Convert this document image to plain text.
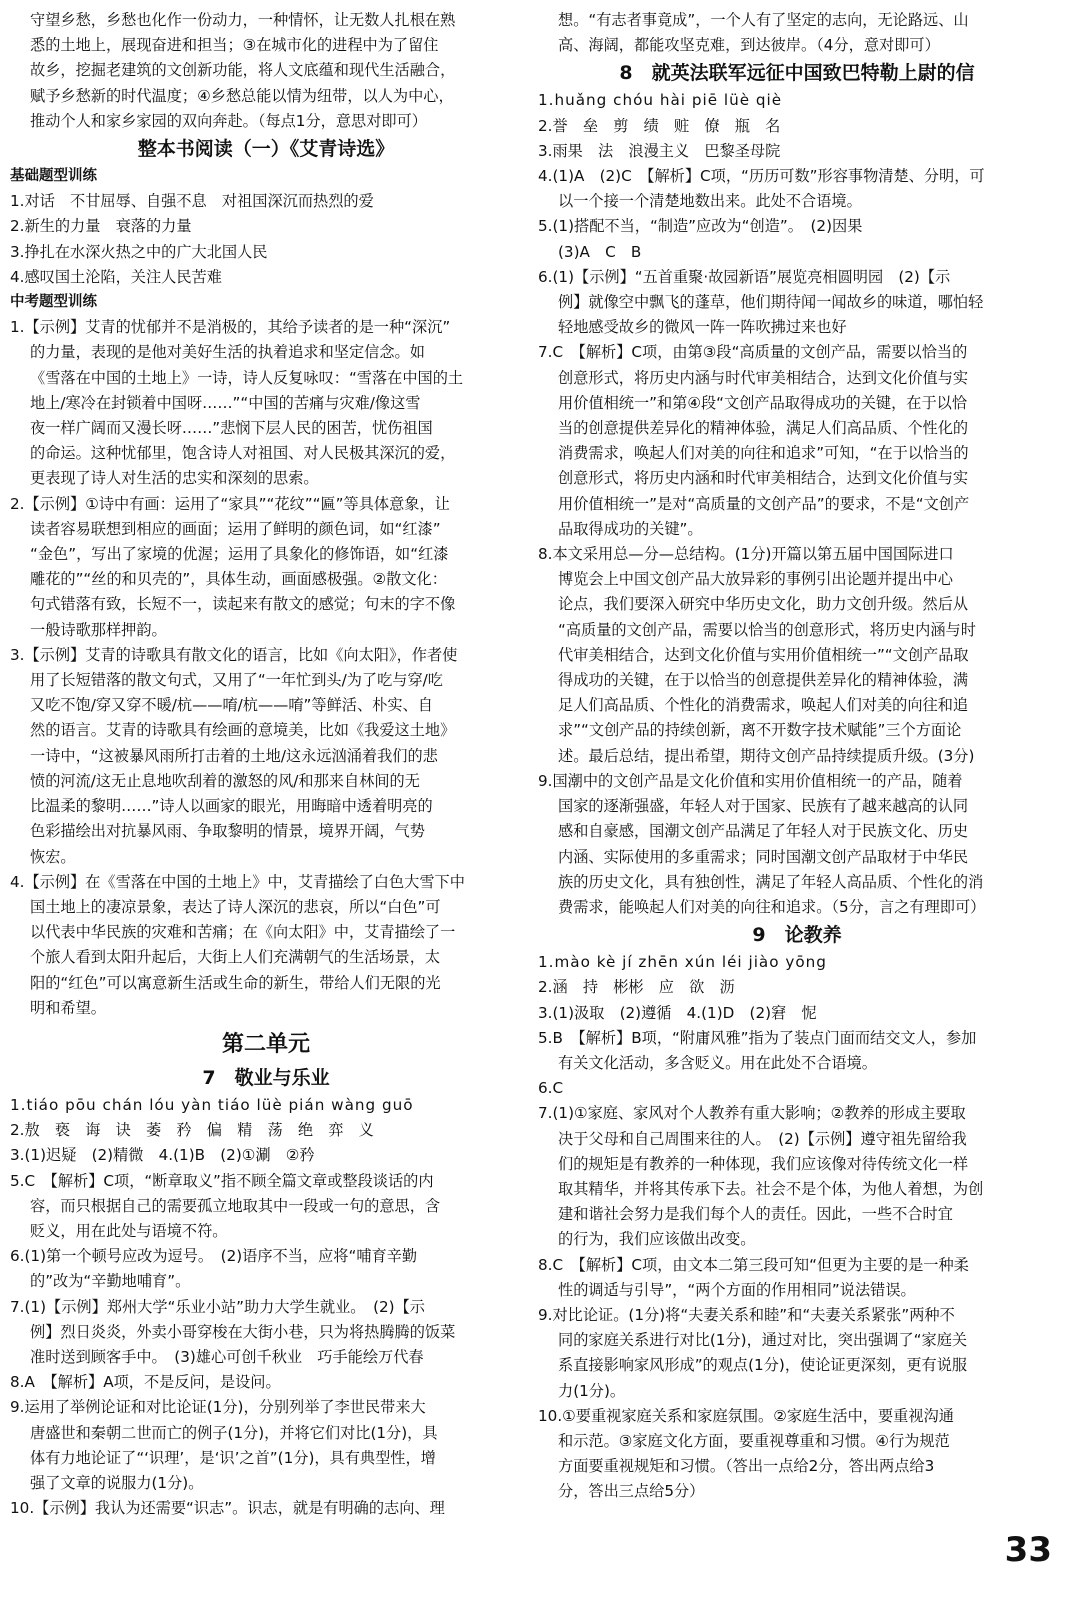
守望乡愁，乡愁也化作一份动力，一种情怀，让无数人扎根在熟
悉的土地上，展现奋进和担当；③在城市化的进程中为了留住
故乡，挖掘老建筑的文创新功能，将人文底蕴和现代生活融合，
赋予乡愁新的时代温度；④乡愁总能以情为纽带，以人为中心，
推动个人和家乡家园的双向奔赴。（每点1分，意思对即可）
整本书阅读（一）《艾青诗选》
基础题型训练
1.对话　不甘屈辱、自强不息　对祖国深沉而热烈的爱
2.新生的力量　衰落的力量
3.挣扎在水深火热之中的广大北国人民
4.感叹国土沦陷，关注人民苦难
中考题型训练
1.【示例】艾青的忧郁并不是消极的，其给予读者的是一种“深沉”
的力量，表现的是他对美好生活的执着追求和坚定信念。如
《雪落在中国的土地上》一诗，诗人反复咏叹：“雪落在中国的土
地上/寒冷在封锁着中国呀……”“中国的苦痛与灾难/像这雪
夜一样广阔而又漫长呀……”悲悯下层人民的困苦，忧伤祖国
的命运。这种忧郁里，饱含诗人对祖国、对人民极其深沉的爱，
更表现了诗人对生活的忠实和深刻的思索。
2.【示例】①诗中有画：运用了“家具”“花纹”“匾”等具体意象，让
读者容易联想到相应的画面；运用了鲜明的颜色词，如“红漆”
“金色”，写出了家境的优渥；运用了具象化的修饰语，如“红漆
雕花的”“丝的和贝壳的”，具体生动，画面感极强。②散文化：
句式错落有致，长短不一，读起来有散文的感觉；句末的字不像
一般诗歌那样押韵。
3.【示例】艾青的诗歌具有散文化的语言，比如《向太阳》，作者使
用了长短错落的散文句式，又用了“一年忙到头/为了吃与穿/吃
又吃不饱/穿又穿不暖/杭——唷/杭——唷”等鲜活、朴实、自
然的语言。艾青的诗歌具有绘画的意境美，比如《我爱这土地》
一诗中，“这被暴风雨所打击着的土地/这永远汹涌着我们的悲
愤的河流/这无止息地吹刮着的激怒的风/和那来自林间的无
比温柔的黎明……”诗人以画家的眼光，用晦暗中透着明亮的
色彩描绘出对抗暴风雨、争取黎明的情景，境界开阔，气势
恢宏。
4.【示例】在《雪落在中国的土地上》中，艾青描绘了白色大雪下中
国土地上的凄凉景象，表达了诗人深沉的悲哀，所以“白色”可
以代表中华民族的灾难和苦痛；在《向太阳》中，艾青描绘了一
个旅人看到太阳升起后，大街上人们充满朝气的生活场景，太
阳的“红色”可以寓意新生活或生命的新生，带给人们无限的光
明和希望。
第二单元
7　敬业与乐业
1.tiáo pōu chán lóu yàn tiáo lüè pián wàng guō
2.敖　亵　诲　诀　萎　矜　偏　精　荡　绝　弈　义
3.(1)迟疑　(2)精微　4.(1)B　(2)①涮　②矜
5.C　【解析】C项，“断章取义”指不顾全篇文章或整段谈话的内
容，而只根据自己的需要孤立地取其中一段或一句的意思，含
贬义，用在此处与语境不符。
6.(1)第一个顿号应改为逗号。　(2)语序不当，应将“哺育辛勤
的”改为“辛勤地哺育”。
7.(1)【示例】郑州大学“乐业小站”助力大学生就业。　(2)【示
例】烈日炎炎，外卖小哥穿梭在大街小巷，只为将热腾腾的饭菜
准时送到顾客手中。　(3)雄心可创千秋业　巧手能绘万代春
8.A　【解析】A项，不是反问，是设问。
9.运用了举例论证和对比论证(1分)，分别列举了李世民带来大
唐盛世和秦朝二世而亡的例子(1分)，并将它们对比(1分)，具
体有力地论证了“‘识理’，是‘识’之首”(1分)，具有典型性，增
强了文章的说服力(1分)。
10.【示例】我认为还需要“识志”。识志，就是有明确的志向、理
想。“有志者事竟成”，一个人有了坚定的志向，无论路远、山
高、海阔，都能攻坚克难，到达彼岸。（4分，意对即可）
8　就英法联军远征中国致巴特勒上尉的信
1.huǎng chóu hài piē lüè qiè
2.誉　垒　剪　绩　赃　僚　瓶　名
3.雨果　法　浪漫主义　巴黎圣母院
4.(1)A　(2)C　【解析】C项，“历历可数”形容事物清楚、分明，可
以一个接一个清楚地数出来。此处不合语境。
5.(1)搭配不当，“制造”应改为“创造”。　(2)因果
(3)A　C　B
6.(1)【示例】“五首重聚·故园新语”展览亮相圆明园　(2)【示
例】就像空中飘飞的蓬草，他们期待闻一闻故乡的味道，哪怕轻
轻地感受故乡的微风一阵一阵吹拂过来也好
7.C　【解析】C项，由第③段“高质量的文创产品，需要以恰当的
创意形式，将历史内涵与时代审美相结合，达到文化价值与实
用价值相统一”和第④段“文创产品取得成功的关键，在于以恰
当的创意提供差异化的精神体验，满足人们高品质、个性化的
消费需求，唤起人们对美的向往和追求”可知，“在于以恰当的
创意形式，将历史内涵和时代审美相结合，达到文化价值与实
用价值相统一”是对“高质量的文创产品”的要求，不是“文创产
品取得成功的关键”。
8.本文采用总—分—总结构。(1分)开篇以第五届中国国际进口
博览会上中国文创产品大放异彩的事例引出论题并提出中心
论点，我们要深入研究中华历史文化，助力文创升级。然后从
“高质量的文创产品，需要以恰当的创意形式，将历史内涵与时
代审美相结合，达到文化价值与实用价值相统一”“文创产品取
得成功的关键，在于以恰当的创意提供差异化的精神体验，满
足人们高品质、个性化的消费需求，唤起人们对美的向往和追
求”“文创产品的持续创新，离不开数字技术赋能”三个方面论
述。最后总结，提出希望，期待文创产品持续提质升级。(3分)
9.国潮中的文创产品是文化价值和实用价值相统一的产品，随着
国家的逐渐强盛，年轻人对于国家、民族有了越来越高的认同
感和自豪感，国潮文创产品满足了年轻人对于民族文化、历史
内涵、实际使用的多重需求；同时国潮文创产品取材于中华民
族的历史文化，具有独创性，满足了年轻人高品质、个性化的消
费需求，能唤起人们对美的向往和追求。（5分，言之有理即可）
9　论教养
1.mào kè jí zhēn xún léi jiào yōng
2.涵　持　彬彬　应　欲　沥
3.(1)汲取　(2)遵循　4.(1)D　(2)窘　怩
5.B　【解析】B项，“附庸风雅”指为了装点门面而结交文人，参加
有关文化活动，多含贬义。用在此处不合语境。
6.C
7.(1)①家庭、家风对个人教养有重大影响；②教养的形成主要取
决于父母和自己周围来往的人。　(2)【示例】遵守祖先留给我
们的规矩是有教养的一种体现，我们应该像对待传统文化一样
取其精华，并将其传承下去。社会不是个体，为他人着想，为创
建和谐社会努力是我们每个人的责任。因此，一些不合时宜
的行为，我们应该做出改变。
8.C　【解析】C项，由文本二第三段可知“但更为主要的是一种柔
性的调适与引导”，“两个方面的作用相同”说法错误。
9.对比论证。(1分)将“夫妻关系和睦”和“夫妻关系紧张”两种不
同的家庭关系进行对比(1分)，通过对比，突出强调了“家庭关
系直接影响家风形成”的观点(1分)，使论证更深刻，更有说服
力(1分)。
10.①要重视家庭关系和家庭氛围。②家庭生活中，要重视沟通
和示范。③家庭文化方面，要重视尊重和习惯。④行为规范
方面要重视规矩和习惯。（答出一点给2分，答出两点给3
分，答出三点给5分）
33
